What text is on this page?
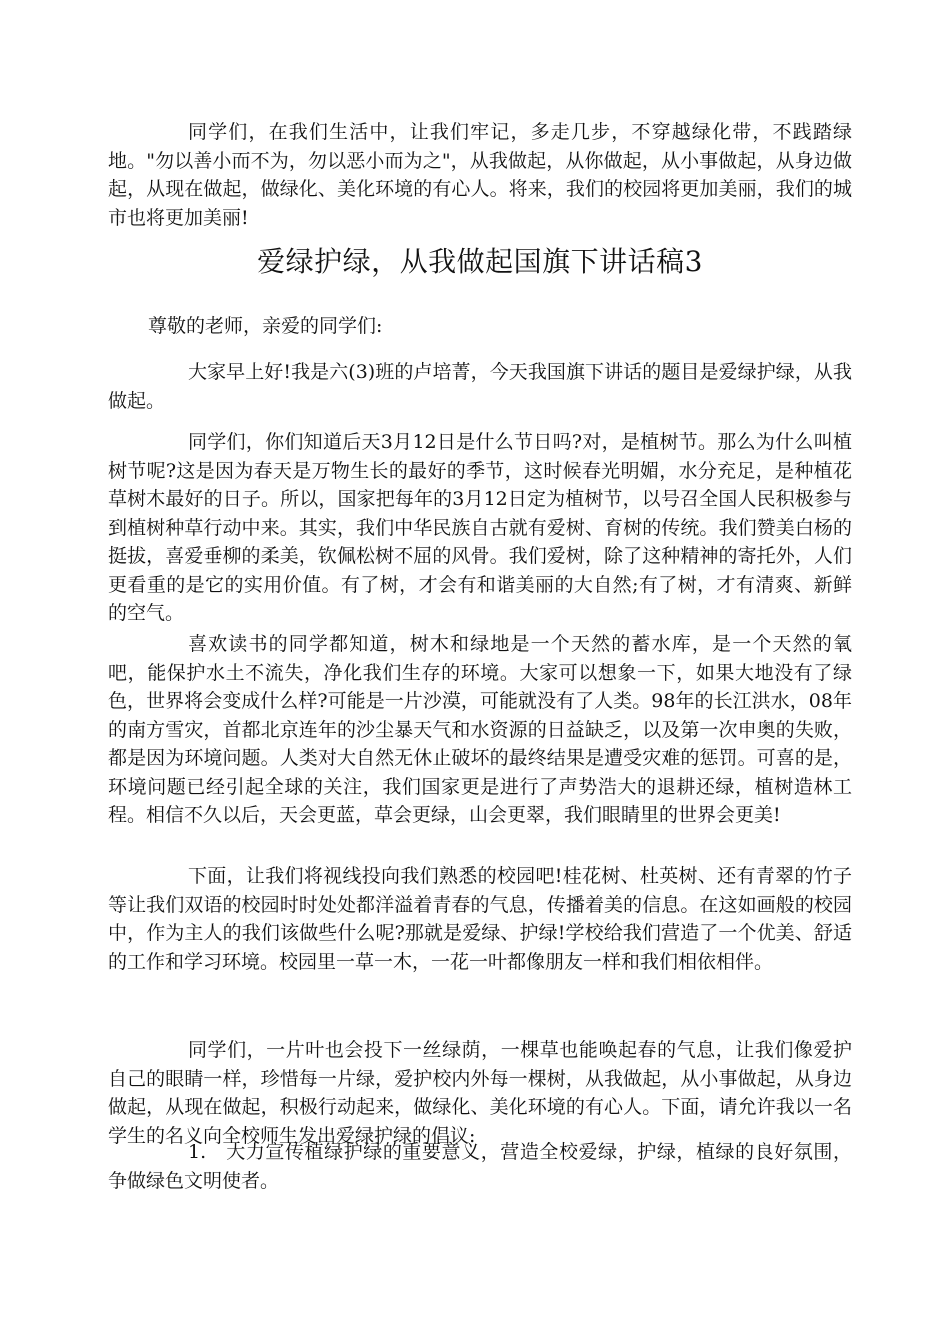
同学们，在我们生活中，让我们牢记，多走几步，不穿越绿化带，不践踏绿地。"勿以善小而不为，勿以恶小而为之"，从我做起，从你做起，从小事做起，从身边做起，从现在做起，做绿化、美化环境的有心人。将来，我们的校园将更加美丽，我们的城市也将更加美丽!

爱绿护绿，从我做起国旗下讲话稿3

尊敬的老师，亲爱的同学们:

大家早上好!我是六(3)班的卢培菁，今天我国旗下讲话的题目是爱绿护绿，从我做起。

同学们，你们知道后天3月12日是什么节日吗?对，是植树节。那么为什么叫植树节呢?这是因为春天是万物生长的最好的季节，这时候春光明媚，水分充足，是种植花草树木最好的日子。所以，国家把每年的3月12日定为植树节，以号召全国人民积极参与到植树种草行动中来。其实，我们中华民族自古就有爱树、育树的传统。我们赞美白杨的挺拔，喜爱垂柳的柔美，钦佩松树不屈的风骨。我们爱树，除了这种精神的寄托外，人们更看重的是它的实用价值。有了树，才会有和谐美丽的大自然;有了树，才有清爽、新鲜的空气。

喜欢读书的同学都知道，树木和绿地是一个天然的蓄水库，是一个天然的氧吧，能保护水土不流失，净化我们生存的环境。大家可以想象一下，如果大地没有了绿色，世界将会变成什么样?可能是一片沙漠，可能就没有了人类。98年的长江洪水，08年的南方雪灾，首都北京连年的沙尘暴天气和水资源的日益缺乏，以及第一次申奥的失败，都是因为环境问题。人类对大自然无休止破坏的最终结果是遭受灾难的惩罚。可喜的是，环境问题已经引起全球的关注，我们国家更是进行了声势浩大的退耕还绿，植树造林工程。相信不久以后，天会更蓝，草会更绿，山会更翠，我们眼睛里的世界会更美!

下面，让我们将视线投向我们熟悉的校园吧!桂花树、杜英树、还有青翠的竹子等让我们双语的校园时时处处都洋溢着青春的气息，传播着美的信息。在这如画般的校园中，作为主人的我们该做些什么呢?那就是爱绿、护绿!学校给我们营造了一个优美、舒适的工作和学习环境。校园里一草一木，一花一叶都像朋友一样和我们相依相伴。

同学们，一片叶也会投下一丝绿荫，一棵草也能唤起春的气息，让我们像爱护自己的眼睛一样，珍惜每一片绿，爱护校内外每一棵树，从我做起，从小事做起，从身边做起，从现在做起，积极行动起来，做绿化、美化环境的有心人。下面，请允许我以一名学生的名义向全校师生发出爱绿护绿的倡议:

1.　大力宣传植绿护绿的重要意义，营造全校爱绿，护绿，植绿的良好氛围，争做绿色文明使者。
